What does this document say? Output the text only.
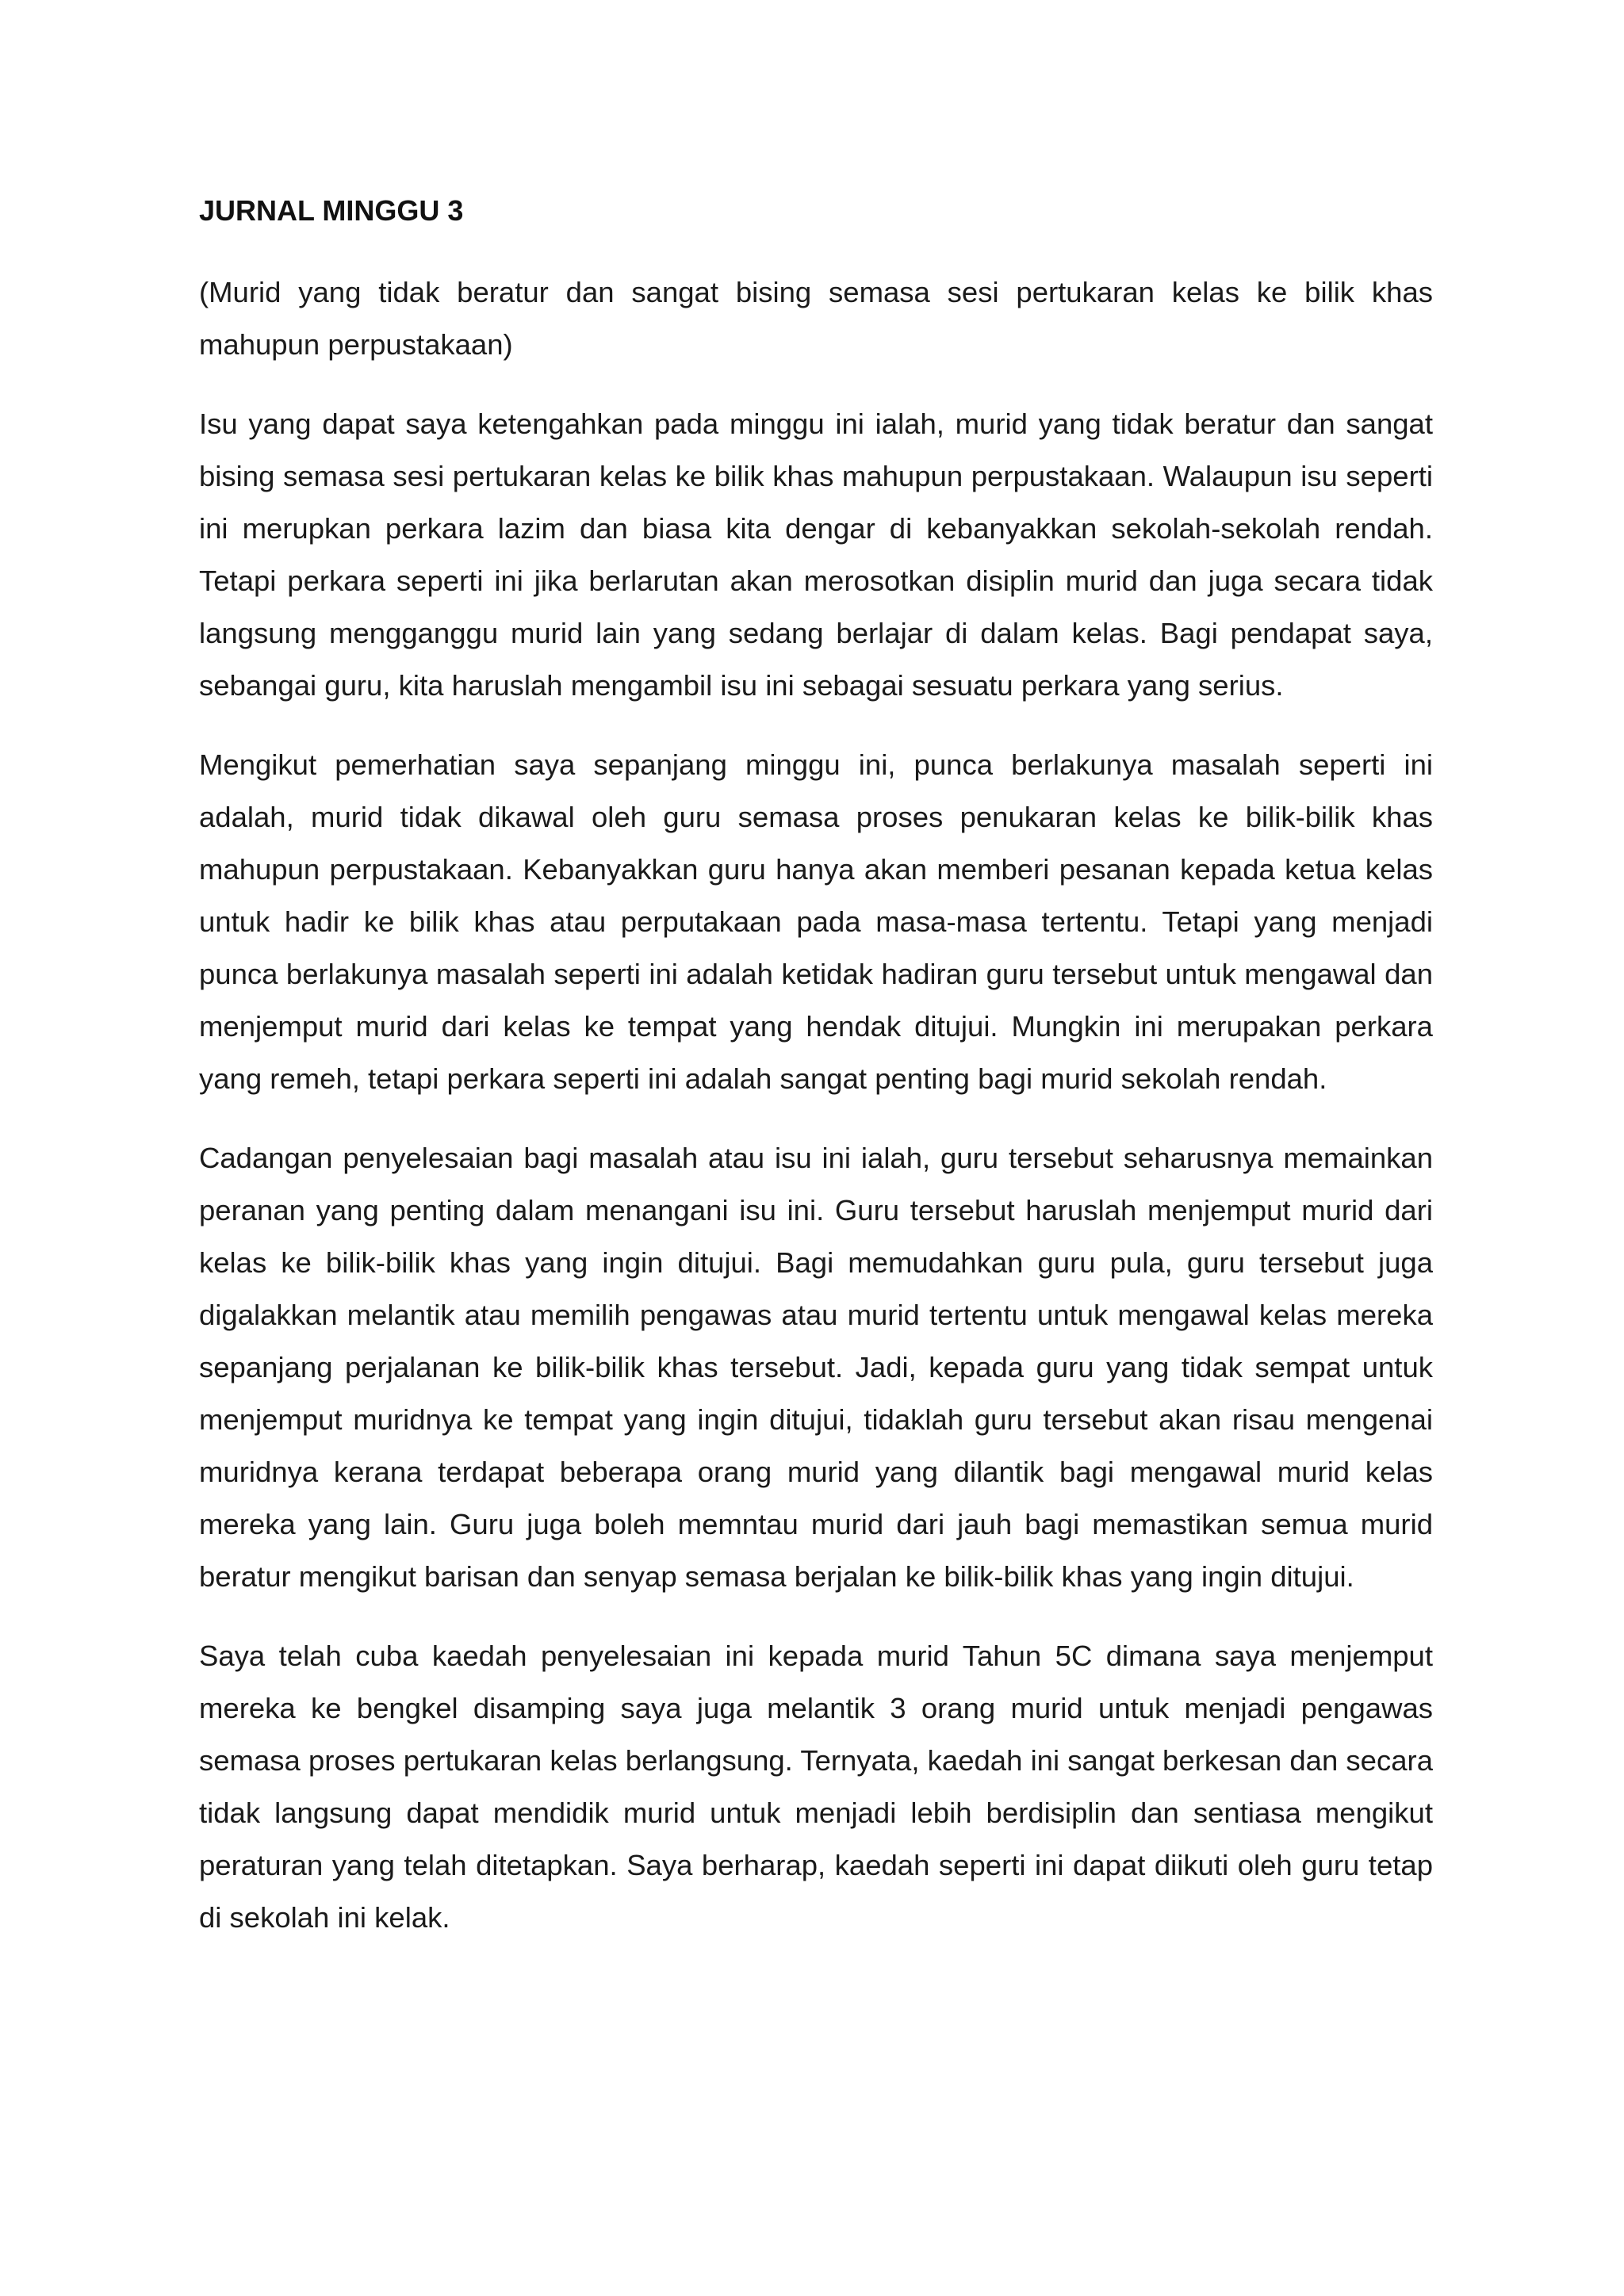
JURNAL MINGGU 3

(Murid yang tidak beratur dan sangat bising semasa sesi pertukaran kelas ke bilik khas mahupun perpustakaan)

Isu yang dapat saya ketengahkan pada minggu ini ialah, murid yang tidak beratur dan sangat bising semasa sesi pertukaran kelas ke bilik khas mahupun perpustakaan. Walaupun isu seperti ini merupkan perkara lazim dan biasa kita dengar di kebanyakkan sekolah-sekolah rendah. Tetapi perkara seperti ini jika berlarutan akan merosotkan disiplin murid dan juga secara tidak langsung mengganggu murid lain yang sedang berlajar di dalam kelas. Bagi pendapat saya, sebangai guru, kita haruslah mengambil isu ini sebagai sesuatu perkara yang serius.

Mengikut pemerhatian saya sepanjang minggu ini, punca berlakunya masalah seperti ini adalah, murid tidak dikawal oleh guru semasa proses penukaran kelas ke bilik-bilik khas mahupun perpustakaan. Kebanyakkan guru hanya akan memberi pesanan kepada ketua kelas untuk hadir ke bilik khas atau perputakaan pada masa-masa tertentu. Tetapi yang menjadi punca berlakunya masalah seperti ini adalah ketidak hadiran guru tersebut untuk mengawal dan menjemput murid dari kelas ke tempat yang hendak ditujui. Mungkin ini merupakan perkara yang remeh, tetapi perkara seperti ini adalah sangat penting bagi murid sekolah rendah.

Cadangan penyelesaian bagi masalah atau isu ini ialah, guru tersebut seharusnya memainkan peranan yang penting dalam menangani isu ini. Guru tersebut haruslah menjemput murid dari kelas ke bilik-bilik khas yang ingin ditujui. Bagi memudahkan guru pula, guru tersebut juga digalakkan melantik atau memilih pengawas atau murid tertentu untuk mengawal kelas mereka sepanjang perjalanan ke bilik-bilik khas tersebut. Jadi, kepada guru yang tidak sempat untuk menjemput muridnya ke tempat yang ingin ditujui, tidaklah guru tersebut akan risau mengenai muridnya kerana terdapat beberapa orang murid yang dilantik bagi mengawal murid kelas mereka yang lain. Guru juga boleh memntau murid dari jauh bagi memastikan semua murid beratur mengikut barisan dan senyap semasa berjalan ke bilik-bilik khas yang ingin ditujui.

Saya telah cuba kaedah penyelesaian ini kepada murid Tahun 5C dimana saya menjemput mereka ke bengkel disamping saya juga melantik 3 orang murid untuk menjadi pengawas semasa proses pertukaran kelas berlangsung. Ternyata, kaedah ini sangat berkesan dan secara tidak langsung dapat mendidik murid untuk menjadi lebih berdisiplin dan sentiasa mengikut peraturan yang telah ditetapkan. Saya berharap, kaedah seperti ini dapat diikuti oleh guru tetap di sekolah ini kelak.
